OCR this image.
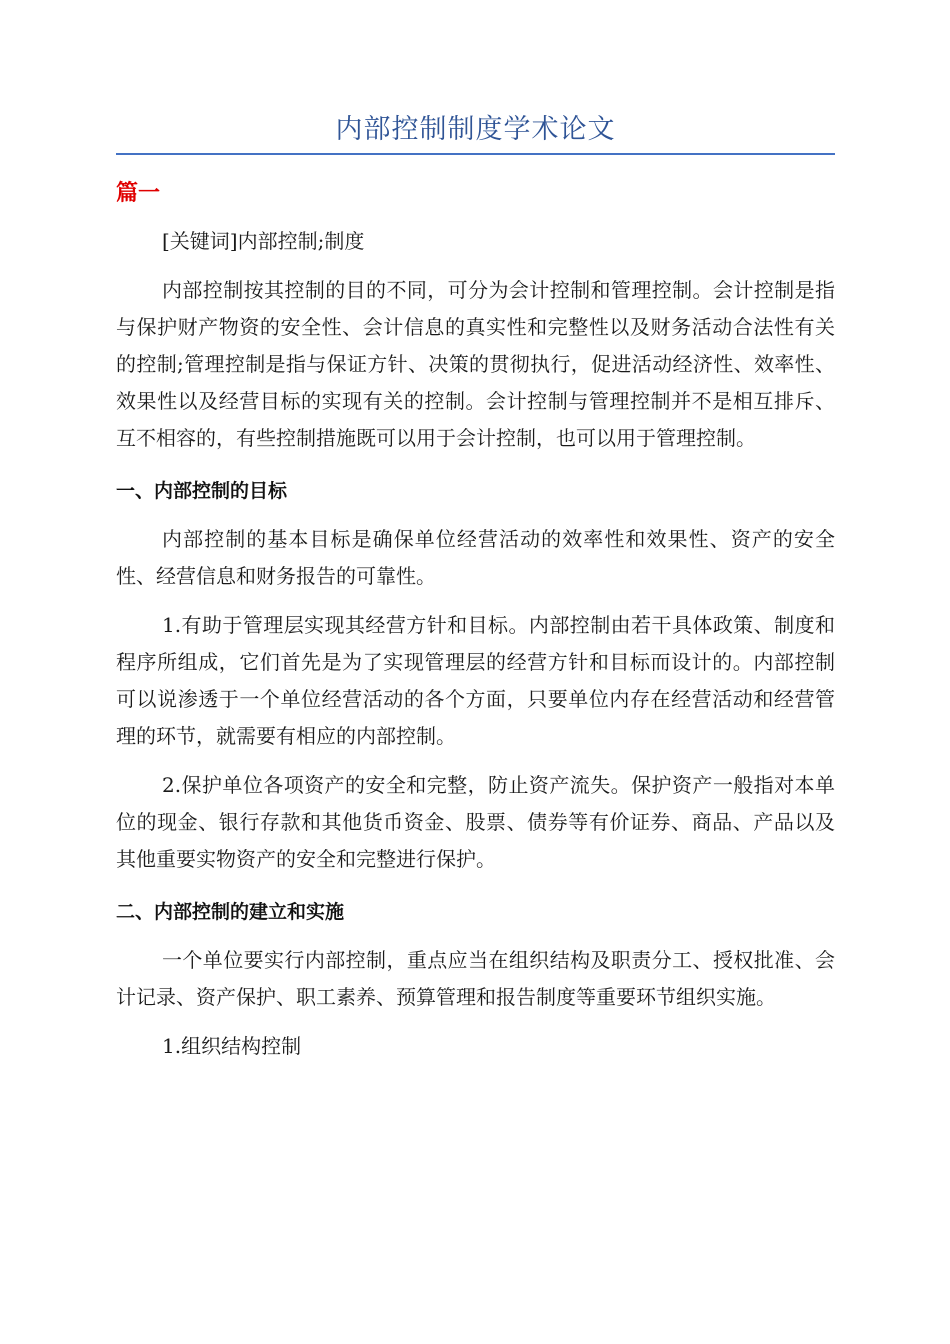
内部控制制度学术论文
篇一

[关键词]内部控制;制度

内部控制按其控制的目的不同，可分为会计控制和管理控制。会计控制是指与保护财产物资的安全性、会计信息的真实性和完整性以及财务活动合法性有关的控制;管理控制是指与保证方针、决策的贯彻执行，促进活动经济性、效率性、效果性以及经营目标的实现有关的控制。会计控制与管理控制并不是相互排斥、互不相容的，有些控制措施既可以用于会计控制，也可以用于管理控制。

一、内部控制的目标

内部控制的基本目标是确保单位经营活动的效率性和效果性、资产的安全性、经营信息和财务报告的可靠性。

1.有助于管理层实现其经营方针和目标。内部控制由若干具体政策、制度和程序所组成，它们首先是为了实现管理层的经营方针和目标而设计的。内部控制可以说渗透于一个单位经营活动的各个方面，只要单位内存在经营活动和经营管理的环节，就需要有相应的内部控制。

2.保护单位各项资产的安全和完整，防止资产流失。保护资产一般指对本单位的现金、银行存款和其他货币资金、股票、债券等有价证券、商品、产品以及其他重要实物资产的安全和完整进行保护。

二、内部控制的建立和实施

一个单位要实行内部控制，重点应当在组织结构及职责分工、授权批准、会计记录、资产保护、职工素养、预算管理和报告制度等重要环节组织实施。

1.组织结构控制
